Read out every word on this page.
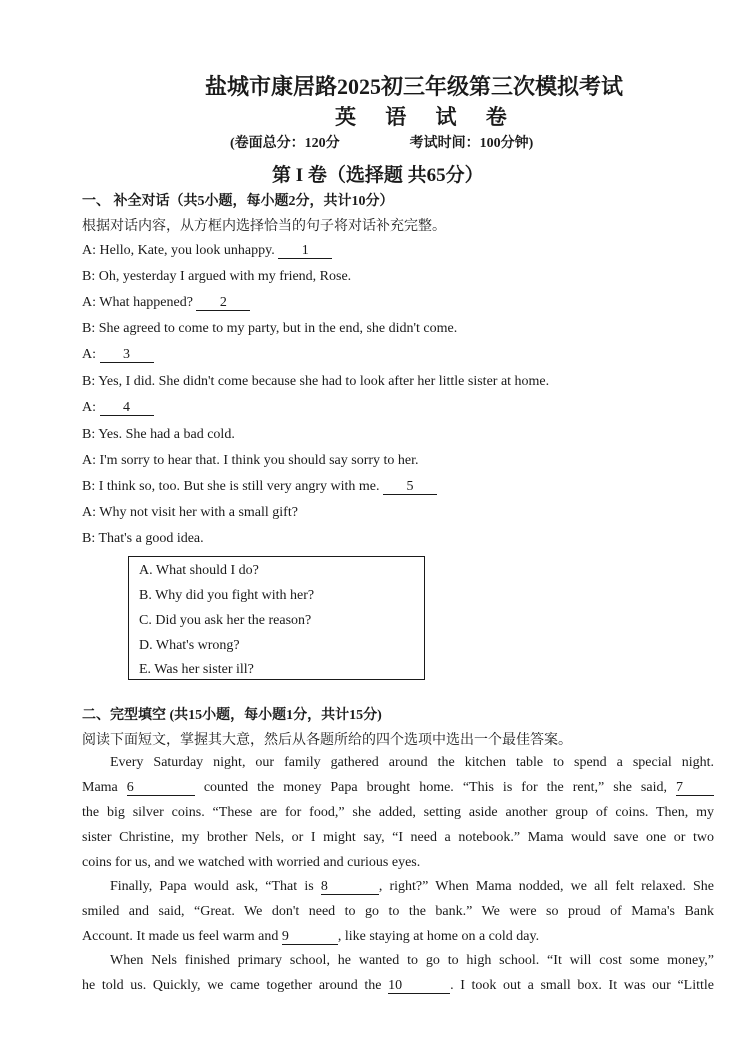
盐城市康居路2025初三年级第三次模拟考试
英 语 试 卷
(卷面总分：120分	考试时间：100分钟)
第 I 卷（选择题 共65分）
一、 补全对话（共5小题，每小题2分，共计10分）
根据对话内容，从方框内选择恰当的句子将对话补充完整。
A: Hello, Kate, you look unhappy. 1
B: Oh, yesterday I argued with my friend, Rose.
A: What happened? 2
B: She agreed to come to my party, but in the end, she didn't come.
A: 3
B: Yes, I did. She didn't come because she had to look after her little sister at home.
A: 4
B: Yes. She had a bad cold.
A: I'm sorry to hear that. I think you should say sorry to her.
B: I think so, too. But she is still very angry with me. 5
A: Why not visit her with a small gift?
B: That's a good idea.
A. What should I do?
B. Why did you fight with her?
C. Did you ask her the reason?
D. What's wrong?
E. Was her sister ill?
二、完型填空 (共15小题，每小题1分，共计15分)
阅读下面短文，掌握其大意，然后从各题所给的四个选项中选出一个最佳答案。
Every Saturday night, our family gathered around the kitchen table to spend a special night.
Mama 6	counted the money Papa brought home. “This is for the rent,” she said, 7
the big silver coins. “These are for food,” she added, setting aside another group of coins. Then, my
sister Christine, my brother Nels, or I might say, “I need a notebook.” Mama would save one or two
coins for us, and we watched with worried and curious eyes.
Finally, Papa would ask, “That is 8	, right?” When Mama nodded, we all felt relaxed. She
smiled and said, “Great. We don't need to go to the bank.” We were so proud of Mama's Bank
Account. It made us feel warm and 9	, like staying at home on a cold day.
When Nels finished primary school, he wanted to go to high school. “It will cost some money,”
he told us. Quickly, we came together around the 10	. I took out a small box. It was our “Little
